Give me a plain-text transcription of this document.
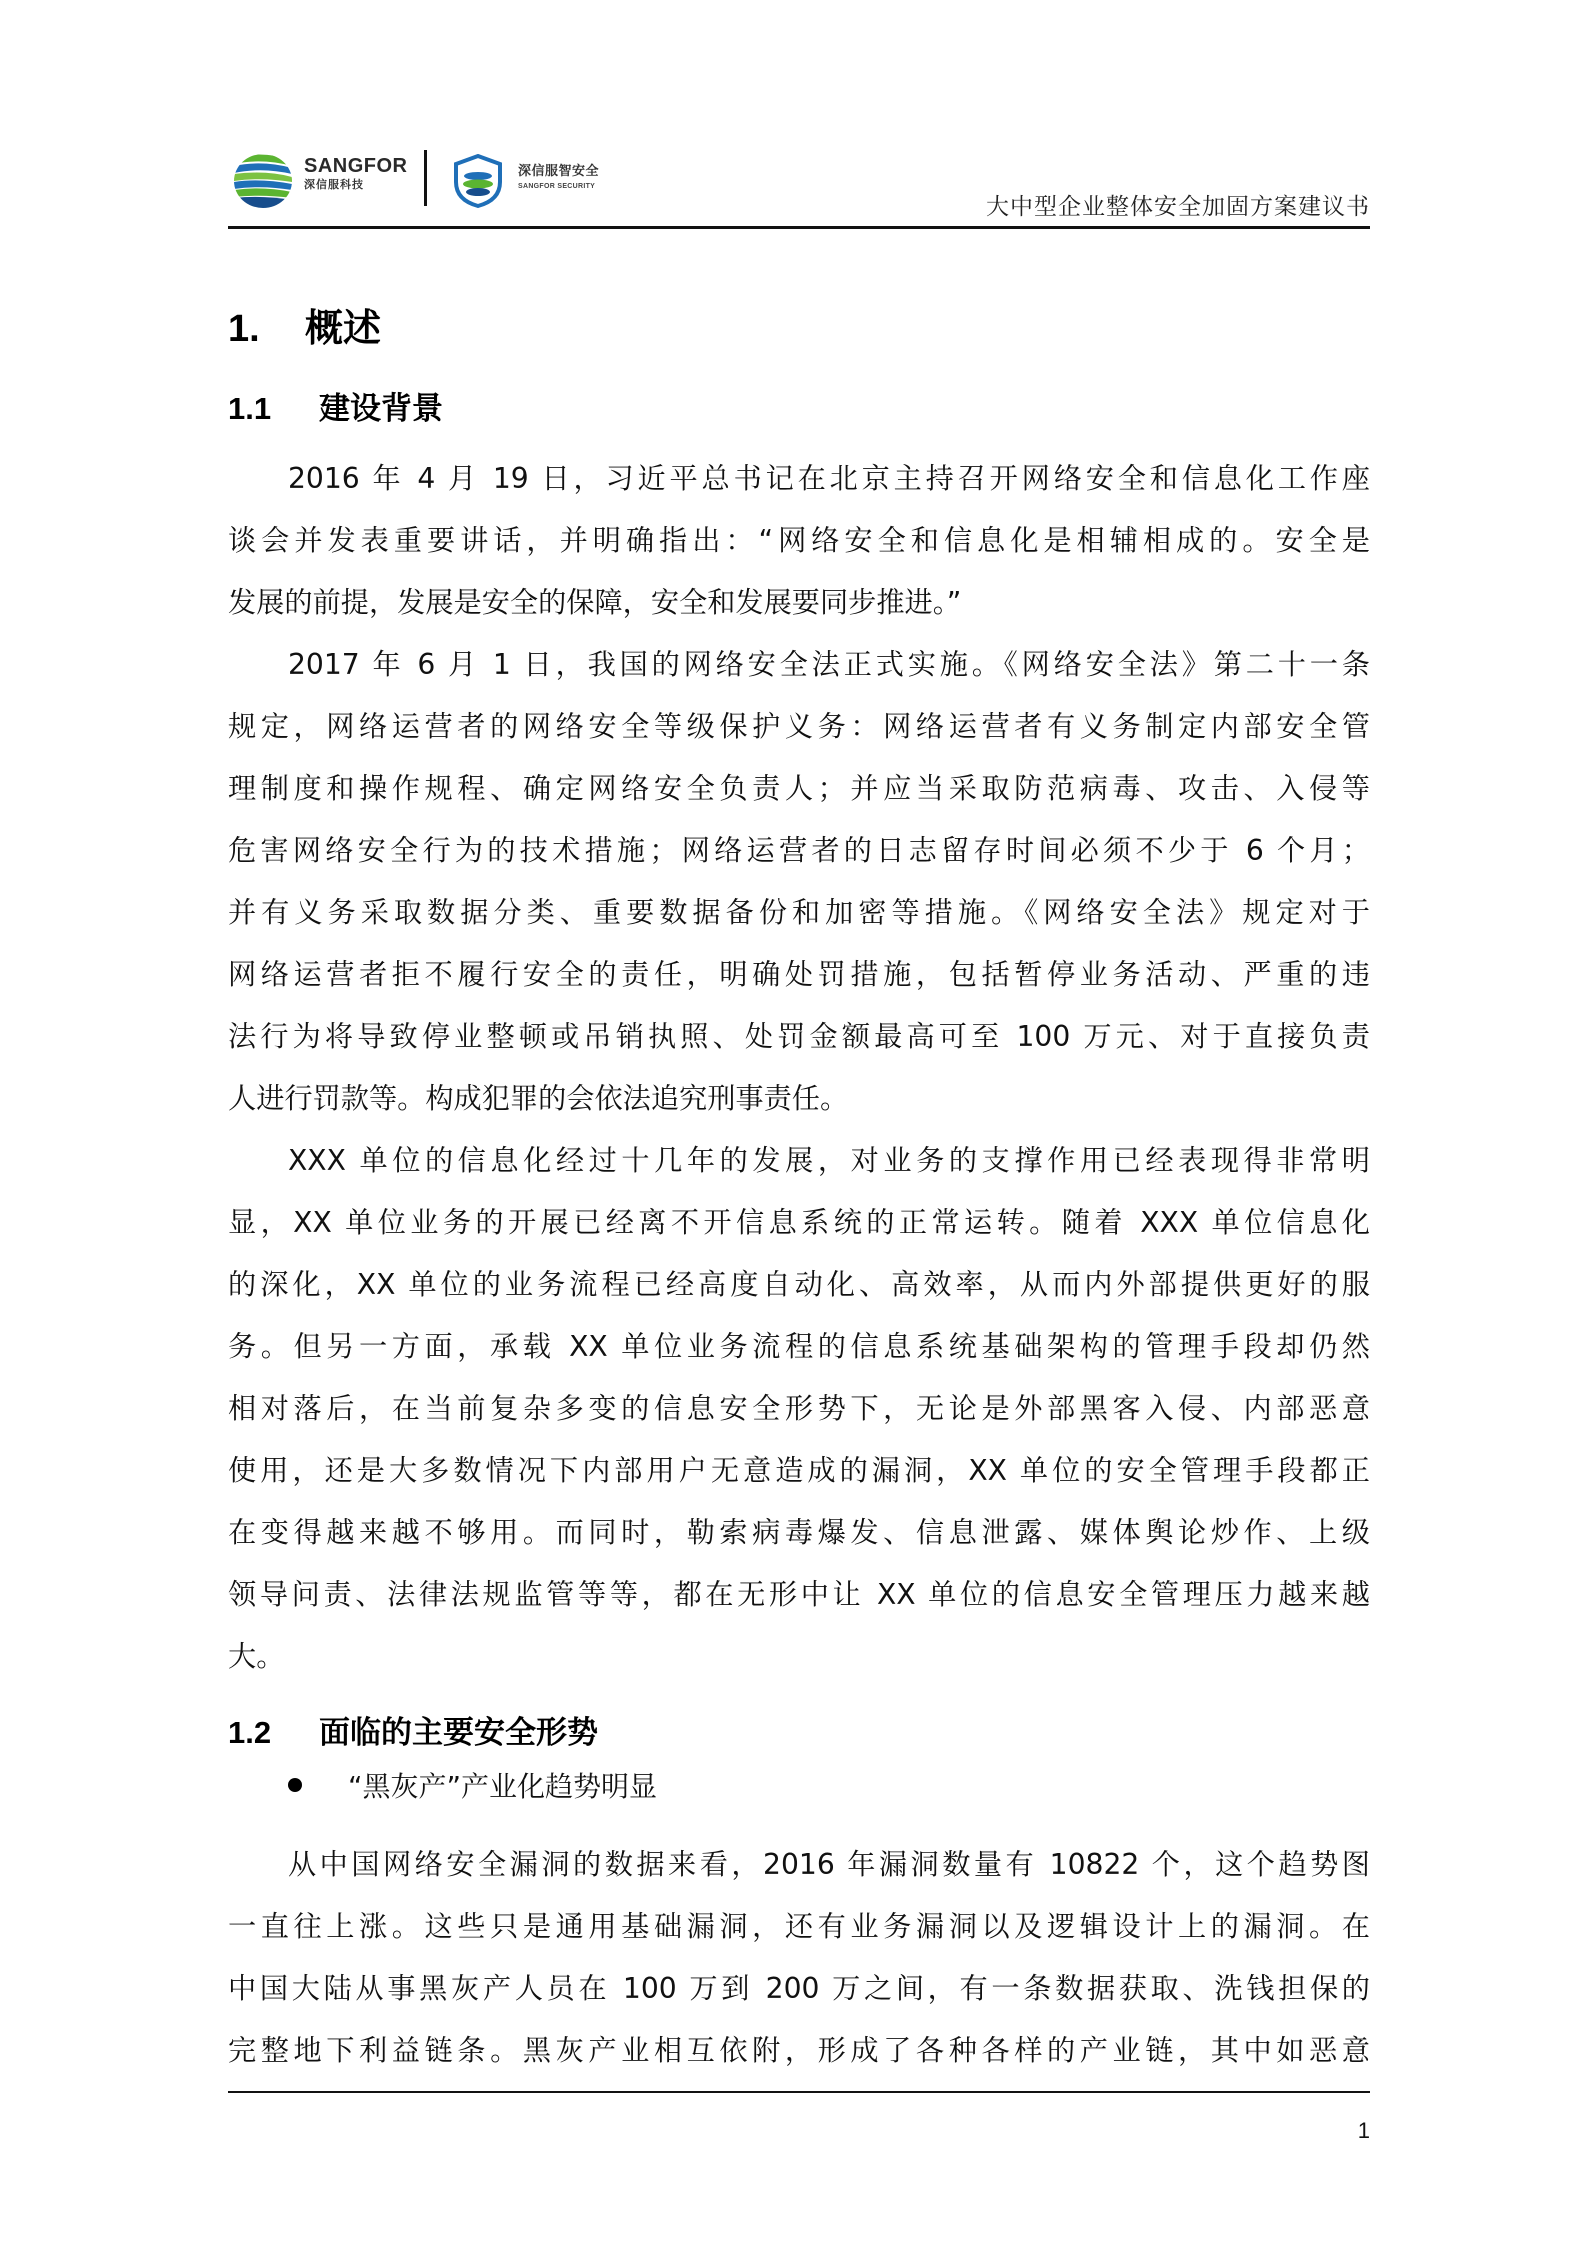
SANGFOR
深信服科技
深信服智安全
SANGFOR SECURITY
大中型企业整体安全加固方案建议书
1. 概述
1.1 建设背景
2016 年 4 月 19 日，习近平总书记在北京主持召开网络安全和信息化工作座
谈会并发表重要讲话，并明确指出：“网络安全和信息化是相辅相成的。安全是
发展的前提，发展是安全的保障，安全和发展要同步推进。”
2017 年 6 月 1 日，我国的网络安全法正式实施。《网络安全法》第二十一条
规定，网络运营者的网络安全等级保护义务：网络运营者有义务制定内部安全管
理制度和操作规程、确定网络安全负责人；并应当采取防范病毒、攻击、入侵等
危害网络安全行为的技术措施；网络运营者的日志留存时间必须不少于 6 个月；
并有义务采取数据分类、重要数据备份和加密等措施。《网络安全法》规定对于
网络运营者拒不履行安全的责任，明确处罚措施，包括暂停业务活动、严重的违
法行为将导致停业整顿或吊销执照、处罚金额最高可至 100 万元、对于直接负责
人进行罚款等。构成犯罪的会依法追究刑事责任。
XXX 单位的信息化经过十几年的发展，对业务的支撑作用已经表现得非常明
显，XX 单位业务的开展已经离不开信息系统的正常运转。随着 XXX 单位信息化
的深化，XX 单位的业务流程已经高度自动化、高效率，从而内外部提供更好的服
务。但另一方面，承载 XX 单位业务流程的信息系统基础架构的管理手段却仍然
相对落后，在当前复杂多变的信息安全形势下，无论是外部黑客入侵、内部恶意
使用，还是大多数情况下内部用户无意造成的漏洞，XX 单位的安全管理手段都正
在变得越来越不够用。而同时，勒索病毒爆发、信息泄露、媒体舆论炒作、上级
领导问责、法律法规监管等等，都在无形中让 XX 单位的信息安全管理压力越来越
大。
1.2 面临的主要安全形势
“黑灰产”产业化趋势明显
从中国网络安全漏洞的数据来看，2016 年漏洞数量有 10822 个，这个趋势图
一直往上涨。这些只是通用基础漏洞，还有业务漏洞以及逻辑设计上的漏洞。在
中国大陆从事黑灰产人员在 100 万到 200 万之间，有一条数据获取、洗钱担保的
完整地下利益链条。黑灰产业相互依附，形成了各种各样的产业链，其中如恶意
1
